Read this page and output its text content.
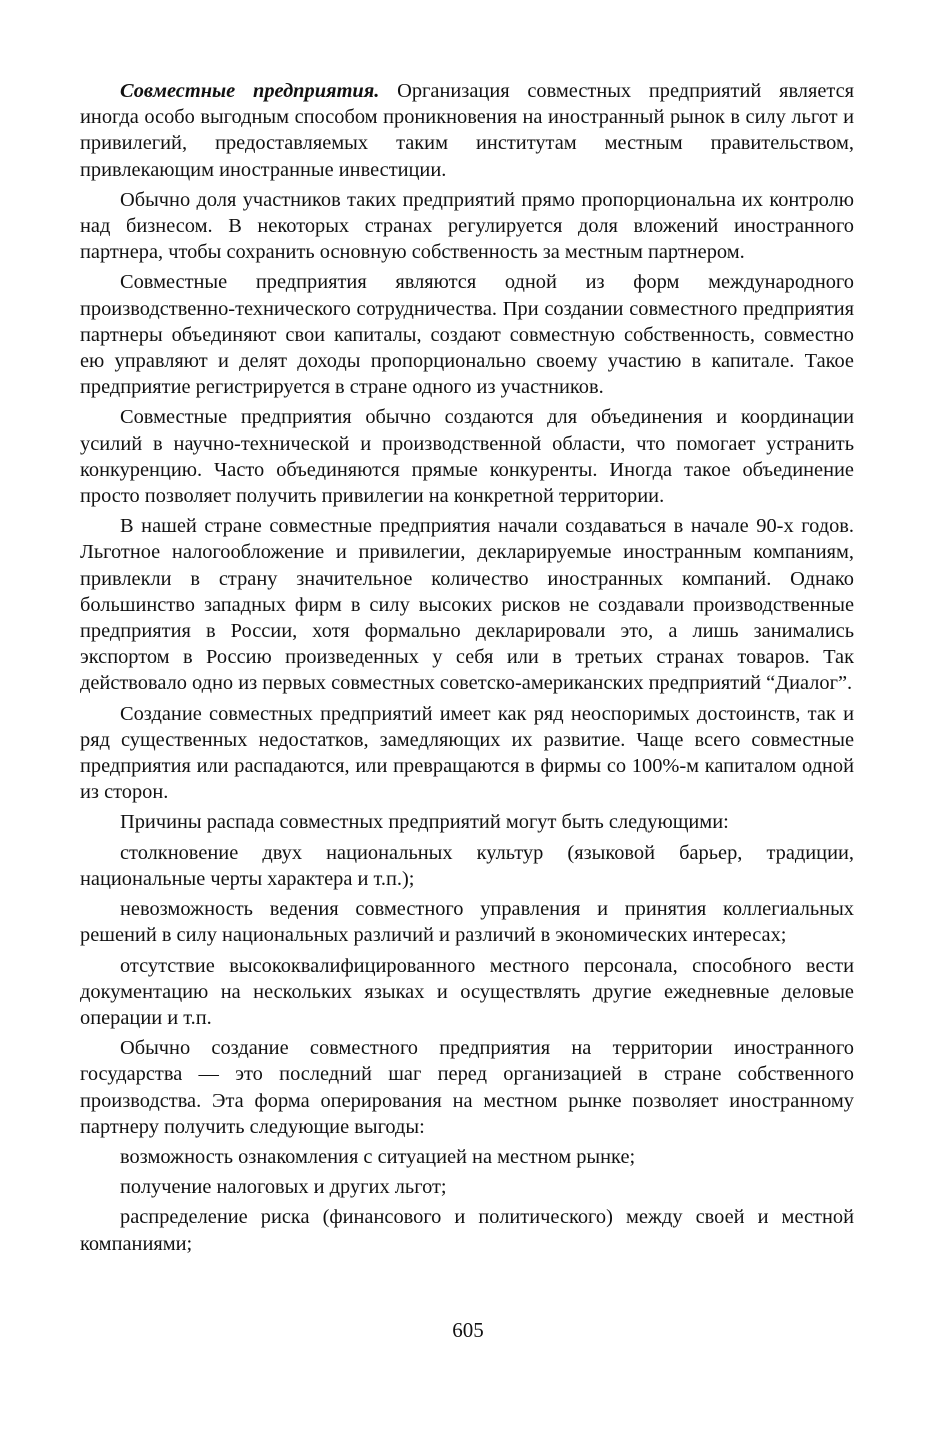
Совместные предприятия. Организация совместных предприятий является иногда особо выгодным способом проникновения на иностранный рынок в силу льгот и привилегий, предоставляемых таким институтам местным правительством, привлекающим иностранные инвестиции.

Обычно доля участников таких предприятий прямо пропорциональна их контролю над бизнесом. В некоторых странах регулируется доля вложений иностранного партнера, чтобы сохранить основную собственность за местным партнером.

Совместные предприятия являются одной из форм международного производственно-технического сотрудничества. При создании совместного предприятия партнеры объединяют свои капиталы, создают совместную собственность, совместно ею управляют и делят доходы пропорционально своему участию в капитале. Такое предприятие регистрируется в стране одного из участников.

Совместные предприятия обычно создаются для объединения и координации усилий в научно-технической и производственной области, что помогает устранить конкуренцию. Часто объединяются прямые конкуренты. Иногда такое объединение просто позволяет получить привилегии на конкретной территории.

В нашей стране совместные предприятия начали создаваться в начале 90-х годов. Льготное налогообложение и привилегии, декларируемые иностранным компаниям, привлекли в страну значительное количество иностранных компаний. Однако большинство западных фирм в силу высоких рисков не создавали производственные предприятия в России, хотя формально декларировали это, а лишь занимались экспортом в Россию произведенных у себя или в третьих странах товаров. Так действовало одно из первых совместных советско-американских предприятий “Диалог”.

Создание совместных предприятий имеет как ряд неоспоримых достоинств, так и ряд существенных недостатков, замедляющих их развитие. Чаще всего совместные предприятия или распадаются, или превращаются в фирмы со 100%-м капиталом одной из сторон.

Причины распада совместных предприятий могут быть следующими:

столкновение двух национальных культур (языковой барьер, традиции, национальные черты характера и т.п.);

невозможность ведения совместного управления и принятия коллегиальных решений в силу национальных различий и различий в экономических интересах;

отсутствие высококвалифицированного местного персонала, способного вести документацию на нескольких языках и осуществлять другие ежедневные деловые операции и т.п.

Обычно создание совместного предприятия на территории иностранного государства — это последний шаг перед организацией в стране собственного производства. Эта форма оперирования на местном рынке позволяет иностранному партнеру получить следующие выгоды:

возможность ознакомления с ситуацией на местном рынке;

получение налоговых и других льгот;

распределение риска (финансового и политического) между своей и местной компаниями;

605
